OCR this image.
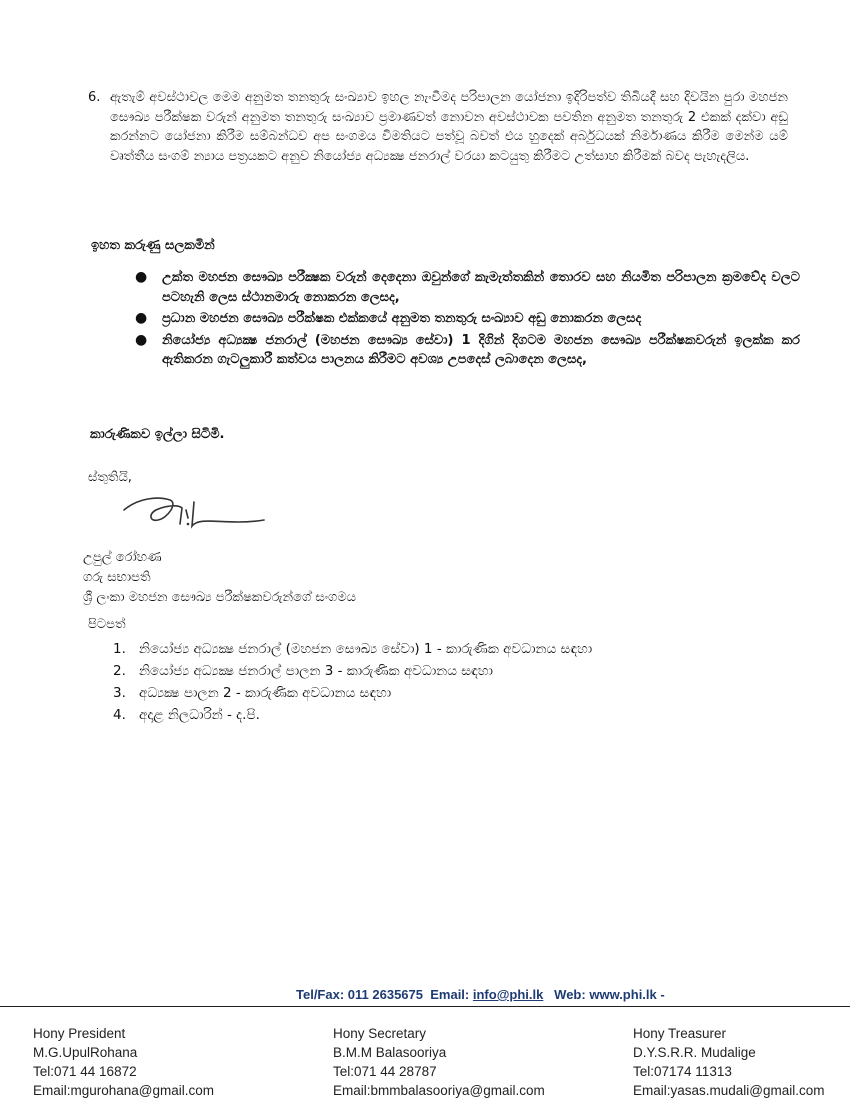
6. ඇතැම් අවස්ථාවල මෙම අනුමත තනතුරු සංඛ්‍යාව ඉහල නැංවීමද පරිපාලන යෝජනා ඉදිරිපත්ව තිබියදී සහ දිවයින පුරා මහජන සෞඛ්‍ය පරීක්ෂක වරුන් අනුමත තනතුරු සංඛ්‍යාව ප්‍රමාණවත් නොවන අවස්ථාවක පවතින අනුමත තනතුරු 2 එකක් දක්වා අඩු කරන්නට යෝජනා කිරීම සම්බන්ධව අප සංගමය විමතියට පත්වූ බවත් එය හුදෙක් අර්බුධයක් නිර්මාණය කිරීම මෙන්ම යම් වෘත්තීය සංගම් න්‍යාය පත්‍රයකට අනුව නියෝජ්‍ය අධ්‍යක්‍ෂ ජනරාල් වරයා කටයුතු කිරීමට උත්සාහ කිරීමක් බවද පැහැදලිය.
ඉහත කරුණු සලකමින්
● උක්ත මහජන සෞඛ්‍ය පරීක්‍ෂක වරුන් දෙදෙනා ඔවුන්ගේ කැමැත්තකින් තොරව සහ නියමිත පරිපාලන ක්‍රමවේද වලට පටහැනි ලෙස ස්ථානමාරු නොකරන ලෙසද,
● ප්‍රධාන මහජන සෞඛ්‍ය පරීක්ෂක එක්කයේ අනුමත තනතුරු සංඛ්‍යාව අඩු නොකරන ලෙසද
● නියෝජ්‍ය අධ්‍යක්‍ෂ ජනරාල් (මහජන සෞඛ්‍ය සේවා) 1 දිගින් දිගටම මහජන සෞඛ්‍ය පරීක්ෂකවරුන් ඉලක්ක කර ඇතිකරන ගැටලුකාරී කත්වය පාලනය කිරීමට අවශ්‍ය උපදෙස් ලබාදෙන ලෙසද,
කාරුණිකව ඉල්ලා සිටිමි.
ස්තුතියි,
උපුල් රෝහණ
ගරු සභාපති
ශ්‍රී ලංකා මහජන සෞඛ්‍ය පරීක්ෂකවරුන්ගේ සංගමය
පිටපත්
1. නියෝජ්‍ය අධ්‍යක්‍ෂ ජනරාල් (මහජන සෞඛ්‍ය සේවා) 1 - කාරුණික අවධානය සඳහා
2. නියෝජ්‍ය අධ්‍යක්‍ෂ ජනරාල් පාලන 3 - කාරුණික අවධානය සඳහා
3. අධ්‍යක්‍ෂ පාලන 2 - කාරුණික අවධානය සඳහා
4. අදාළ නිලධාරින් - ද.පි.
Tel/Fax: 011 2635675 Email: info@phi.lk Web: www.phi.lk -
Hony President
M.G.UpulRohana
Tel:071 44 16872
Email:mgurohana@gmail.com
Hony Secretary
B.M.M Balasooriya
Tel:071 44 28787
Email:bmmbalasooriya@gmail.com
Hony Treasurer
D.Y.S.R.R. Mudalige
Tel:07174 11313
Email:yasas.mudali@gmail.com
